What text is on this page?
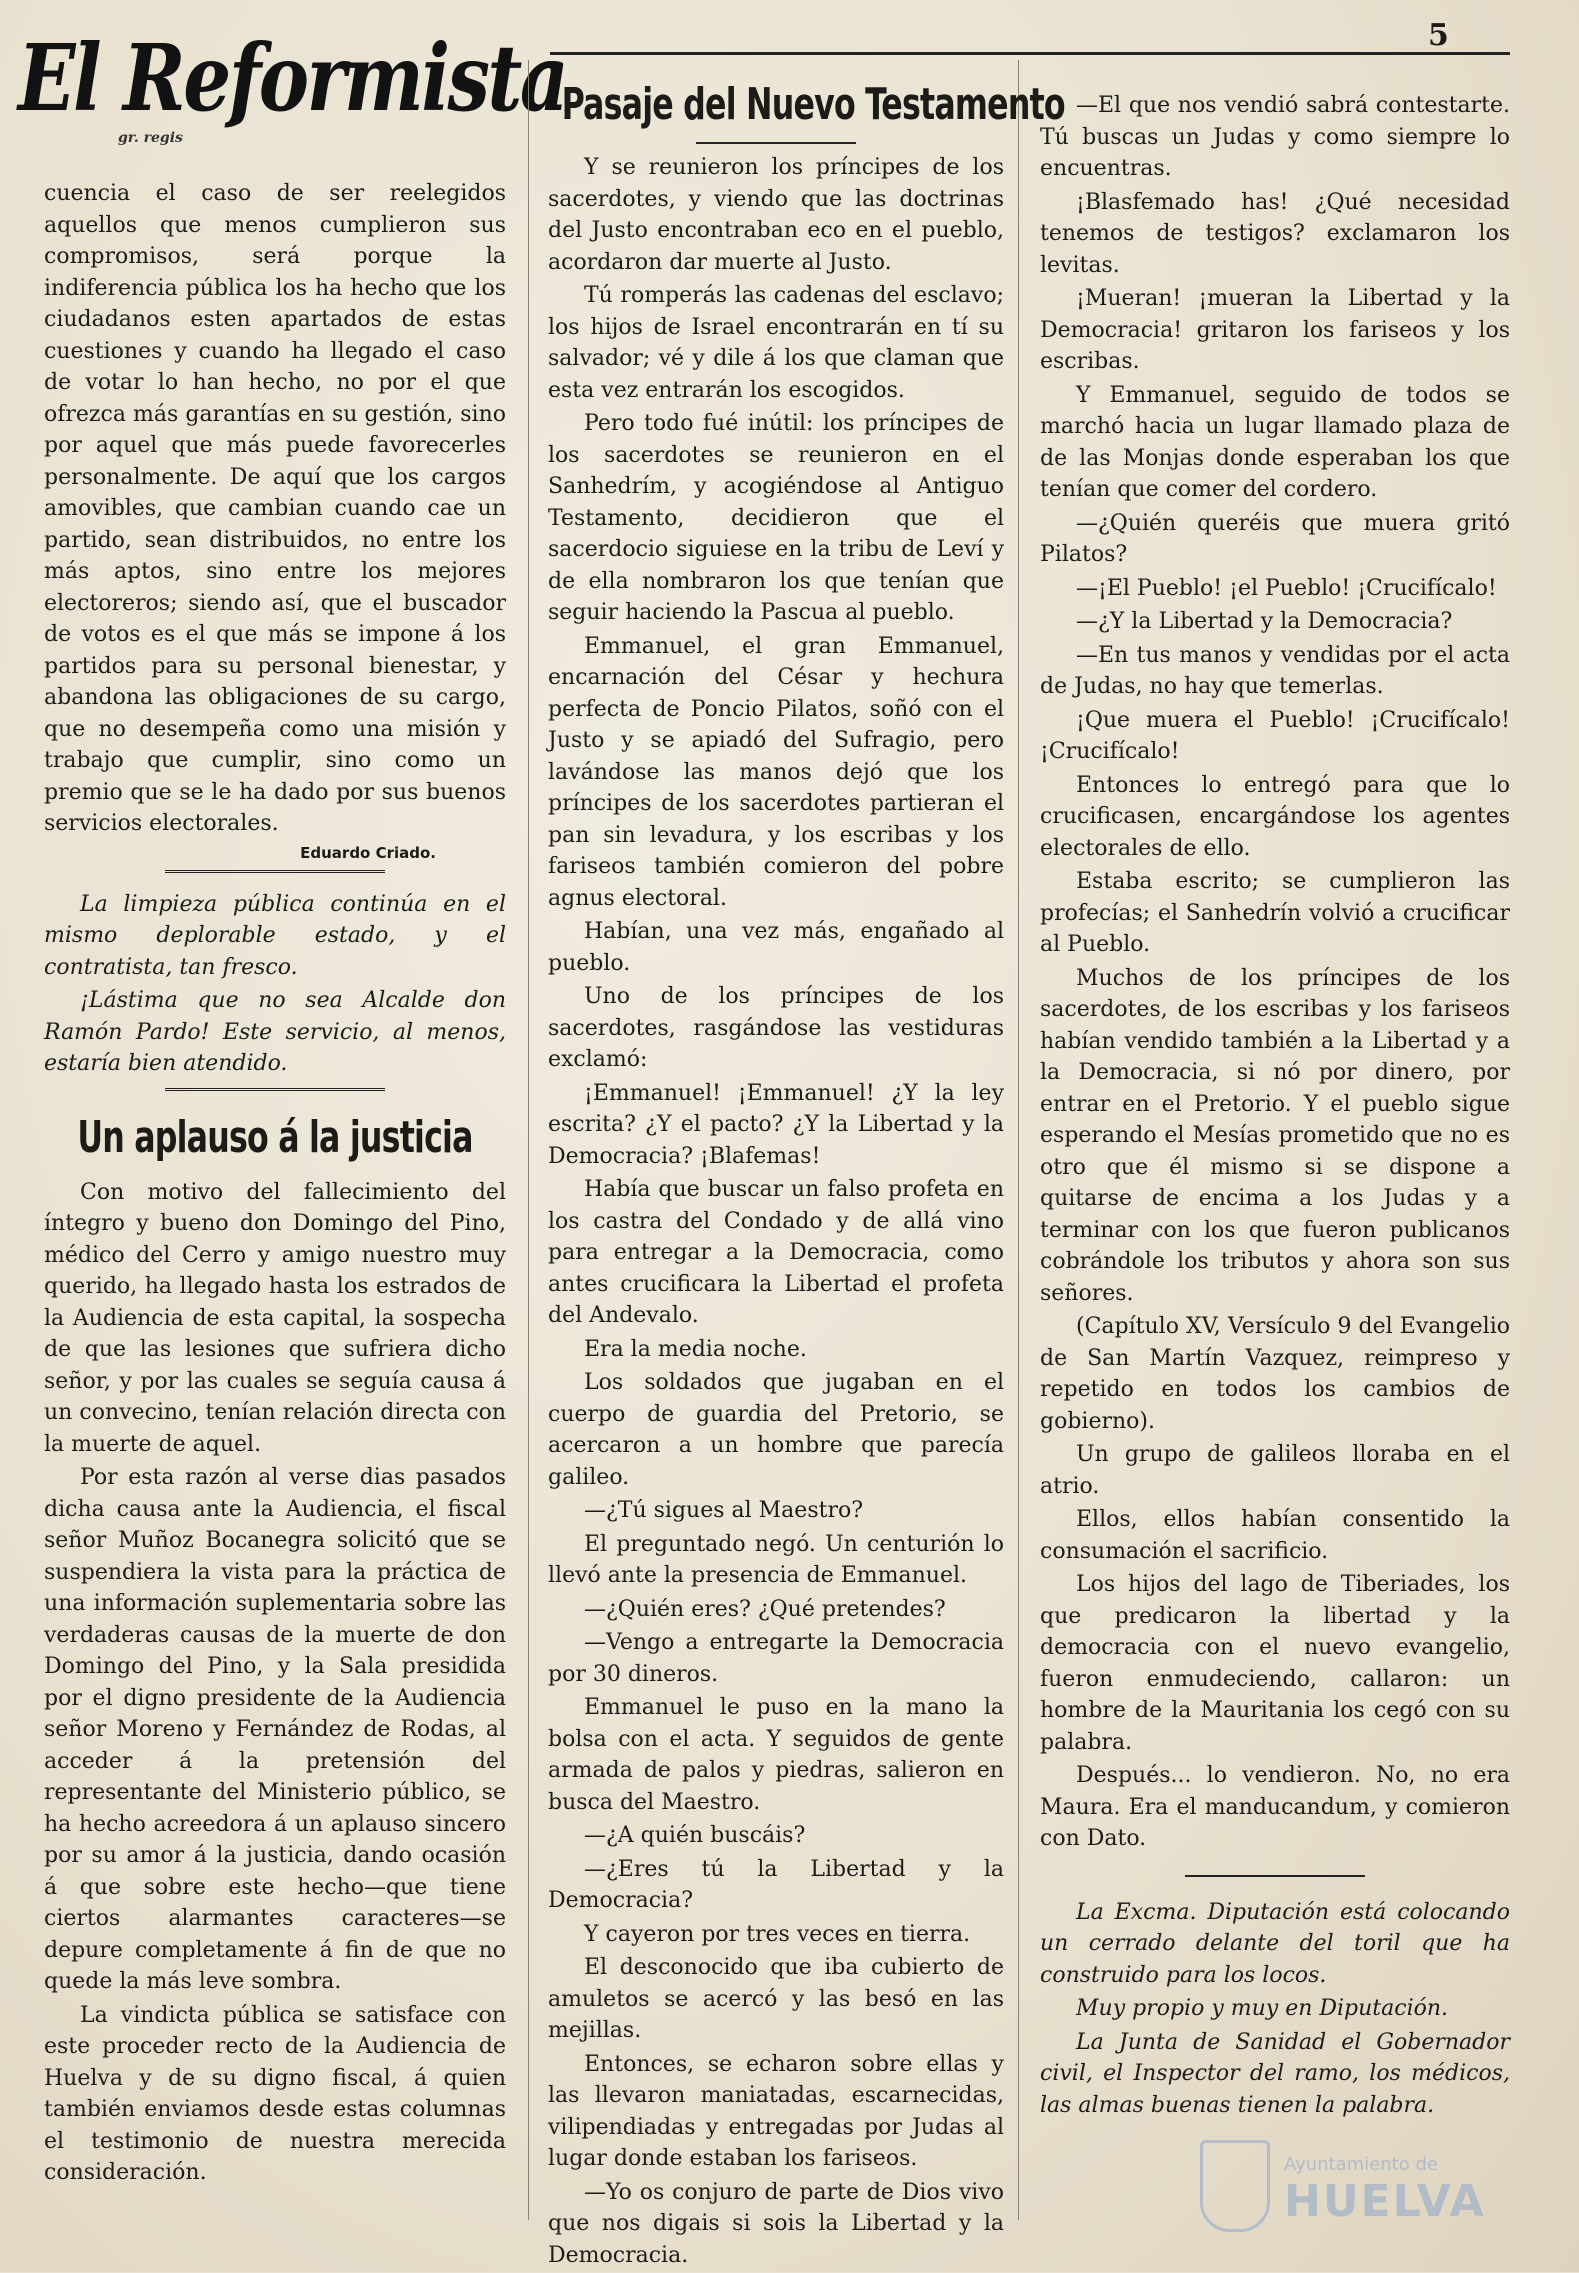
El Reformista
gr. regis
5

cuencia el caso de ser reelegidos aquellos que menos cumplieron sus compromisos, será porque la indiferencia pública los ha hecho que los ciudadanos esten apartados de estas cuestiones y cuando ha llegado el caso de votar lo han hecho, no por el que ofrezca más garantías en su gestión, sino por aquel que más puede favorecerles personalmente. De aquí que los cargos amovibles, que cambian cuando cae un partido, sean distribuidos, no entre los más aptos, sino entre los mejores electoreros; siendo así, que el buscador de votos es el que más se impone á los partidos para su personal bienestar, y abandona las obligaciones de su cargo, que no desempeña como una misión y trabajo que cumplir, sino como un premio que se le ha dado por sus buenos servicios electorales.

Eduardo Criado.

La limpieza pública continúa en el mismo deplorable estado, y el contratista, tan fresco.

¡Lástima que no sea Alcalde don Ramón Pardo! Este servicio, al menos, estaría bien atendido.

Un aplauso á la justicia

Con motivo del fallecimiento del íntegro y bueno don Domingo del Pino, médico del Cerro y amigo nuestro muy querido, ha llegado hasta los estrados de la Audiencia de esta capital, la sospecha de que las lesiones que sufriera dicho señor, y por las cuales se seguía causa á un convecino, tenían relación directa con la muerte de aquel.

Por esta razón al verse dias pasados dicha causa ante la Audiencia, el fiscal señor Muñoz Bocanegra solicitó que se suspendiera la vista para la práctica de una información suplementaria sobre las verdaderas causas de la muerte de don Domingo del Pino, y la Sala presidida por el digno presidente de la Audiencia señor Moreno y Fernández de Rodas, al acceder á la pretensión del representante del Ministerio público, se ha hecho acreedora á un aplauso sincero por su amor á la justicia, dando ocasión á que sobre este hecho—que tiene ciertos alarmantes caracteres—se depure completamente á fin de que no quede la más leve sombra.

La vindicta pública se satisface con este proceder recto de la Audiencia de Huelva y de su digno fiscal, á quien también enviamos desde estas columnas el testimonio de nuestra merecida consideración.

Pasaje del Nuevo Testamento

Y se reunieron los príncipes de los sacerdotes, y viendo que las doctrinas del Justo encontraban eco en el pueblo, acordaron dar muerte al Justo.

Tú romperás las cadenas del esclavo; los hijos de Israel encontrarán en tí su salvador; vé y dile á los que claman que esta vez entrarán los escogidos.

Pero todo fué inútil: los príncipes de los sacerdotes se reunieron en el Sanhedrím, y acogiéndose al Antiguo Testamento, decidieron que el sacerdocio siguiese en la tribu de Leví y de ella nombraron los que tenían que seguir haciendo la Pascua al pueblo.

Emmanuel, el gran Emmanuel, encarnación del César y hechura perfecta de Poncio Pilatos, soñó con el Justo y se apiadó del Sufragio, pero lavándose las manos dejó que los príncipes de los sacerdotes partieran el pan sin levadura, y los escribas y los fariseos también comieron del pobre agnus electoral.

Habían, una vez más, engañado al pueblo.

Uno de los príncipes de los sacerdotes, rasgándose las vestiduras exclamó:

¡Emmanuel! ¡Emmanuel! ¿Y la ley escrita? ¿Y el pacto? ¿Y la Libertad y la Democracia? ¡Blafemas!

Había que buscar un falso profeta en los castra del Condado y de allá vino para entregar a la Democracia, como antes crucificara la Libertad el profeta del Andevalo.

Era la media noche.

Los soldados que jugaban en el cuerpo de guardia del Pretorio, se acercaron a un hombre que parecía galileo.

—¿Tú sigues al Maestro?

El preguntado negó. Un centurión lo llevó ante la presencia de Emmanuel.

—¿Quién eres? ¿Qué pretendes?

—Vengo a entregarte la Democracia por 30 dineros.

Emmanuel le puso en la mano la bolsa con el acta. Y seguidos de gente armada de palos y piedras, salieron en busca del Maestro.

—¿A quién buscáis?

—¿Eres tú la Libertad y la Democracia?

Y cayeron por tres veces en tierra.

El desconocido que iba cubierto de amuletos se acercó y las besó en las mejillas.

Entonces, se echaron sobre ellas y las llevaron maniatadas, escarnecidas, vilipendiadas y entregadas por Judas al lugar donde estaban los fariseos.

—Yo os conjuro de parte de Dios vivo que nos digais si sois la Libertad y la Democracia.

—El que nos vendió sabrá contestarte. Tú buscas un Judas y como siempre lo encuentras.

¡Blasfemado has! ¿Qué necesidad tenemos de testigos? exclamaron los levitas.

¡Mueran! ¡mueran la Libertad y la Democracia! gritaron los fariseos y los escribas.

Y Emmanuel, seguido de todos se marchó hacia un lugar llamado plaza de de las Monjas donde esperaban los que tenían que comer del cordero.

—¿Quién queréis que muera gritó Pilatos?

—¡El Pueblo! ¡el Pueblo! ¡Crucifícalo!

—¿Y la Libertad y la Democracia?

—En tus manos y vendidas por el acta de Judas, no hay que temerlas.

¡Que muera el Pueblo! ¡Crucifícalo! ¡Crucifícalo!

Entonces lo entregó para que lo crucificasen, encargándose los agentes electorales de ello.

Estaba escrito; se cumplieron las profecías; el Sanhedrín volvió a crucificar al Pueblo.

Muchos de los príncipes de los sacerdotes, de los escribas y los fariseos habían vendido también a la Libertad y a la Democracia, si nó por dinero, por entrar en el Pretorio. Y el pueblo sigue esperando el Mesías prometido que no es otro que él mismo si se dispone a quitarse de encima a los Judas y a terminar con los que fueron publicanos cobrándole los tributos y ahora son sus señores.

(Capítulo XV, Versículo 9 del Evangelio de San Martín Vazquez, reimpreso y repetido en todos los cambios de gobierno).

Un grupo de galileos lloraba en el atrio.

Ellos, ellos habían consentido la consumación el sacrificio.

Los hijos del lago de Tiberiades, los que predicaron la libertad y la democracia con el nuevo evangelio, fueron enmudeciendo, callaron: un hombre de la Mauritania los cegó con su palabra.

Después... lo vendieron. No, no era Maura. Era el manducandum, y comieron con Dato.

La Excma. Diputación está colocando un cerrado delante del toril que ha construido para los locos.

Muy propio y muy en Diputación.

La Junta de Sanidad el Gobernador civil, el Inspector del ramo, los médicos, las almas buenas tienen la palabra.

Ayuntamiento de
HUELVA
